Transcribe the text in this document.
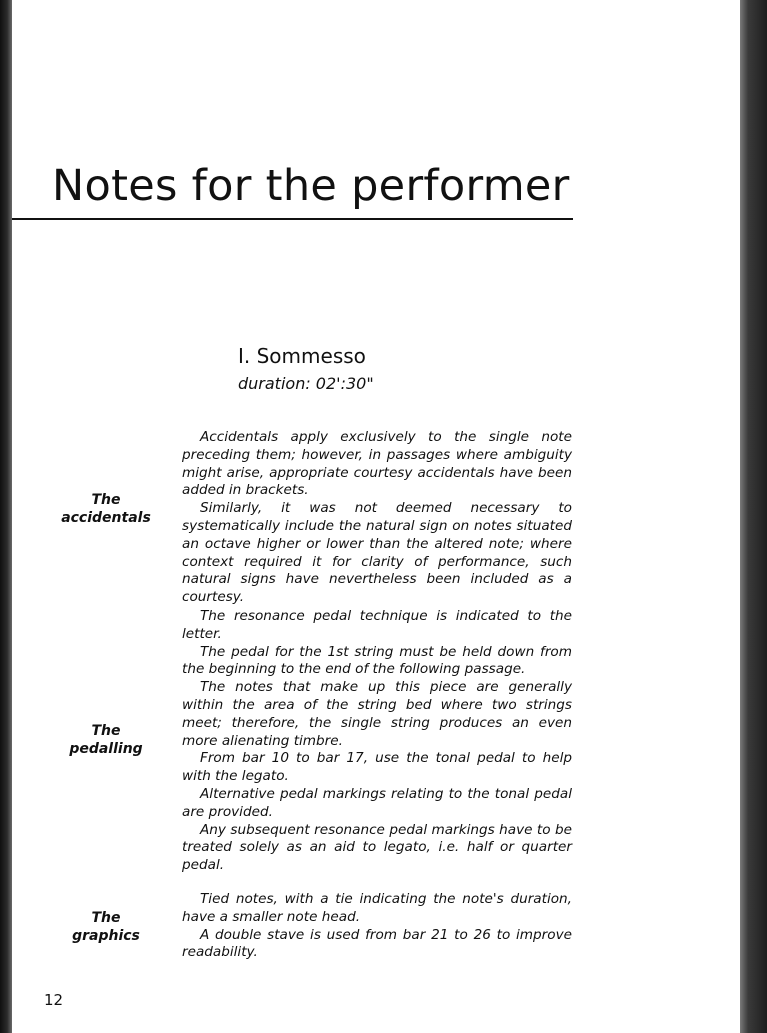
Notes for the performer
I. Sommesso
duration: 02':30"
The
accidentals

Accidentals apply exclusively to the single note preceding them; however, in passages where ambiguity might arise, appropriate courtesy accidentals have been added in brackets.

Similarly, it was not deemed necessary to systematically include the natural sign on notes situated an octave higher or lower than the altered note; where context required it for clarity of performance, such natural signs have nevertheless been included as a courtesy.

The
pedalling

The resonance pedal technique is indicated to the letter.

The pedal for the 1st string must be held down from the beginning to the end of the following passage.

The notes that make up this piece are generally within the area of the string bed where two strings meet; therefore, the single string produces an even more alienating timbre.

From bar 10 to bar 17, use the tonal pedal to help with the legato.

Alternative pedal markings relating to the tonal pedal are provided.

Any subsequent resonance pedal markings have to be treated solely as an aid to legato, i.e. half or quarter pedal.

The
graphics

Tied notes, with a tie indicating the note's duration, have a smaller note head.

A double stave is used from bar 21 to 26 to improve readability.

12
